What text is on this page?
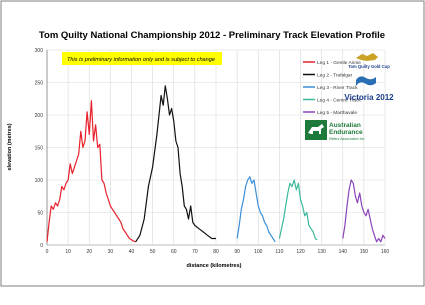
Tom Quilty National Championship 2012 - Preliminary Track Elevation Profile
0
50
100
150
200
250
300
0	10	20	30	40	50	60	70	80	90	100	110	120	130	140	150	160
This is preliminary information only and is subject to change
distance (kilometres)
elevation (metres)
Leg 1 - Gentle Annie
Leg 2 - Trafalgar
Leg 3 - River Track
Leg 4 - Centre Track
Leg 5 - Marthavale
Tom Quilty Gold Cup
Victoria 2012
Australian
Endurance
Riders Association Inc
